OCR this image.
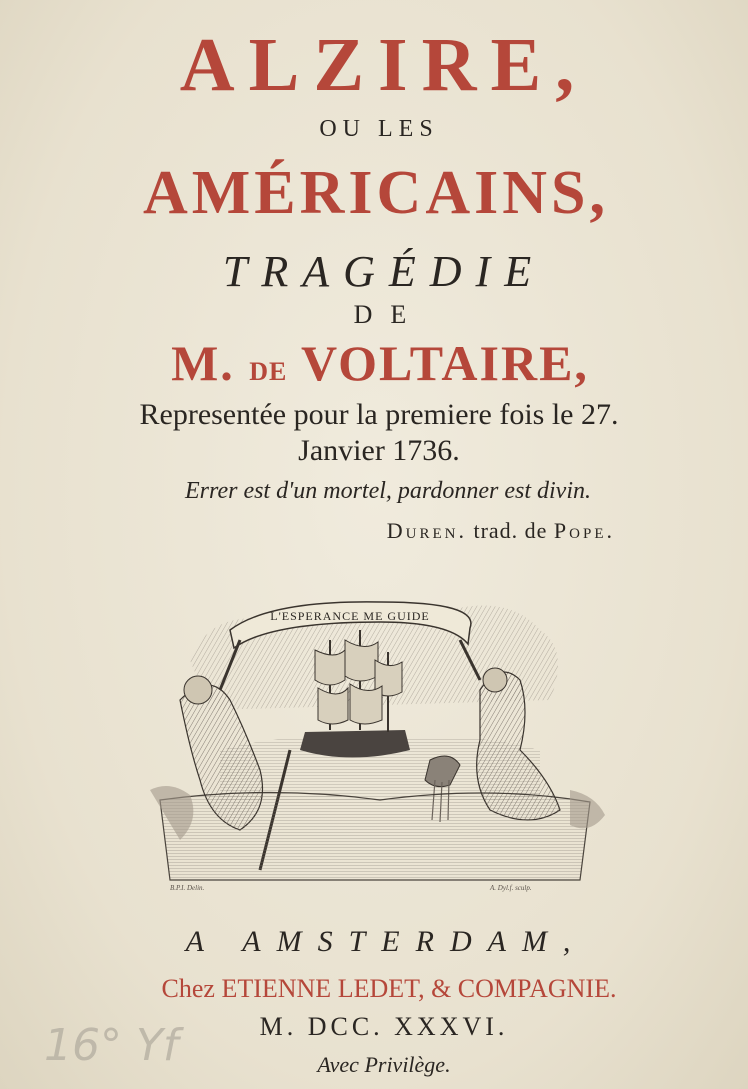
ALZIRE,
OU LES
AMÉRICAINS,
TRAGÉDIE
DE
M. DE VOLTAIRE,
Representée pour la premiere fois le 27.
Janvier 1736.
Errer est d'un mortel, pardonner est divin.
Duren. trad. de Pope.
L'ESPERANCE ME GUIDE
B.P.I. Delin.	A. Dyl.f. sculp.
A AMSTERDAM,
Chez ETIENNE LEDET, & COMPAGNIE.
M. DCC. XXXVI.
Avec Privilège.
16° Yf
